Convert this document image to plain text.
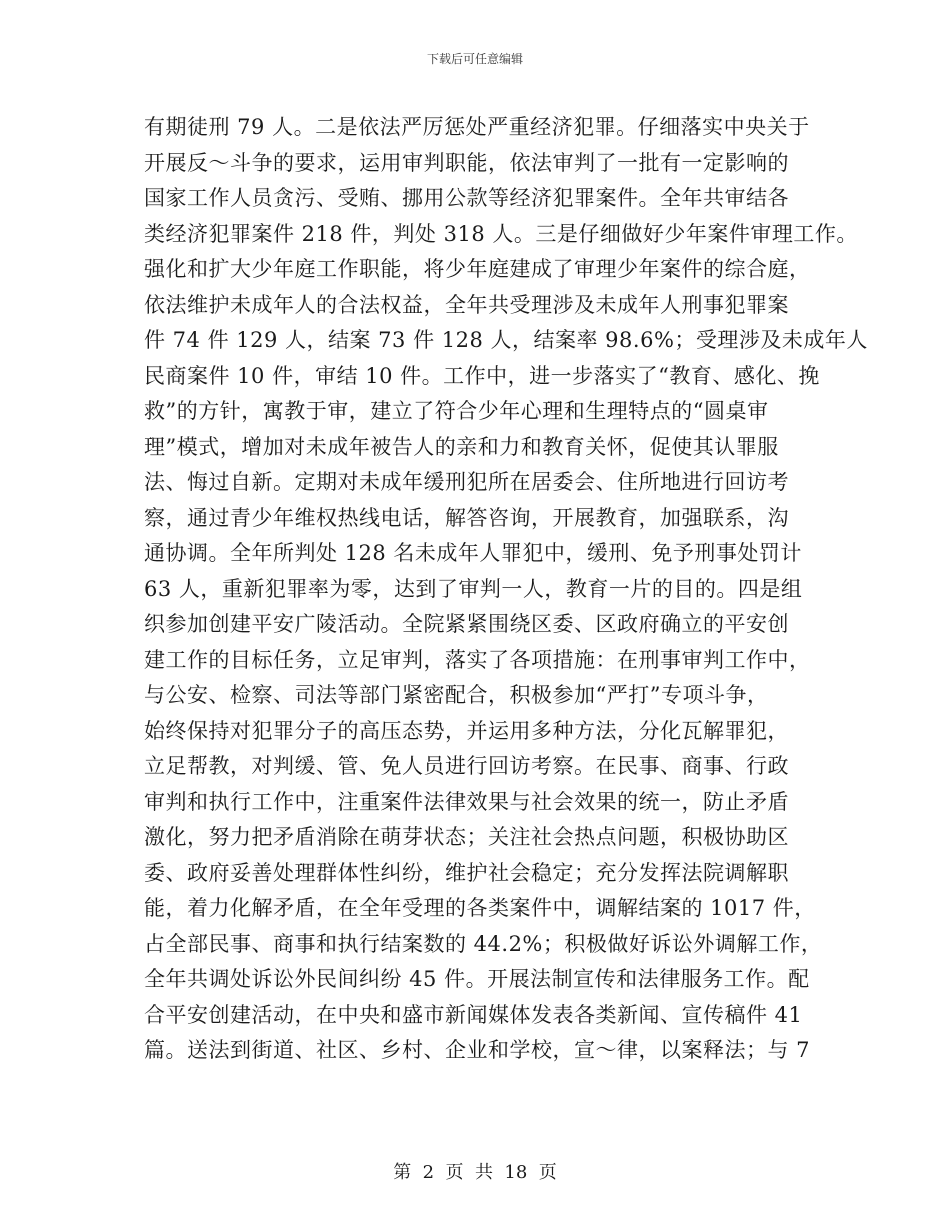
下载后可任意编辑
有期徒刑 79 人。二是依法严厉惩处严重经济犯罪。仔细落实中央关于
开展反～斗争的要求，运用审判职能，依法审判了一批有一定影响的
国家工作人员贪污、受贿、挪用公款等经济犯罪案件。全年共审结各
类经济犯罪案件 218 件，判处 318 人。三是仔细做好少年案件审理工作。
强化和扩大少年庭工作职能，将少年庭建成了审理少年案件的综合庭，
依法维护未成年人的合法权益，全年共受理涉及未成年人刑事犯罪案
件 74 件 129 人，结案 73 件 128 人，结案率 98.6%；受理涉及未成年人
民商案件 10 件，审结 10 件。工作中，进一步落实了“教育、感化、挽
救”的方针，寓教于审，建立了符合少年心理和生理特点的“圆桌审
理”模式，增加对未成年被告人的亲和力和教育关怀，促使其认罪服
法、悔过自新。定期对未成年缓刑犯所在居委会、住所地进行回访考
察，通过青少年维权热线电话，解答咨询，开展教育，加强联系，沟
通协调。全年所判处 128 名未成年人罪犯中，缓刑、免予刑事处罚计
63 人，重新犯罪率为零，达到了审判一人，教育一片的目的。四是组
织参加创建平安广陵活动。全院紧紧围绕区委、区政府确立的平安创
建工作的目标任务，立足审判，落实了各项措施：在刑事审判工作中，
与公安、检察、司法等部门紧密配合，积极参加“严打”专项斗争，
始终保持对犯罪分子的高压态势，并运用多种方法，分化瓦解罪犯，
立足帮教，对判缓、管、免人员进行回访考察。在民事、商事、行政
审判和执行工作中，注重案件法律效果与社会效果的统一，防止矛盾
激化，努力把矛盾消除在萌芽状态；关注社会热点问题，积极协助区
委、政府妥善处理群体性纠纷，维护社会稳定；充分发挥法院调解职
能，着力化解矛盾，在全年受理的各类案件中，调解结案的 1017 件，
占全部民事、商事和执行结案数的 44.2%；积极做好诉讼外调解工作，
全年共调处诉讼外民间纠纷 45 件。开展法制宣传和法律服务工作。配
合平安创建活动，在中央和盛市新闻媒体发表各类新闻、宣传稿件 41
篇。送法到街道、社区、乡村、企业和学校，宣～律，以案释法；与 7
第  2  页  共  18  页
